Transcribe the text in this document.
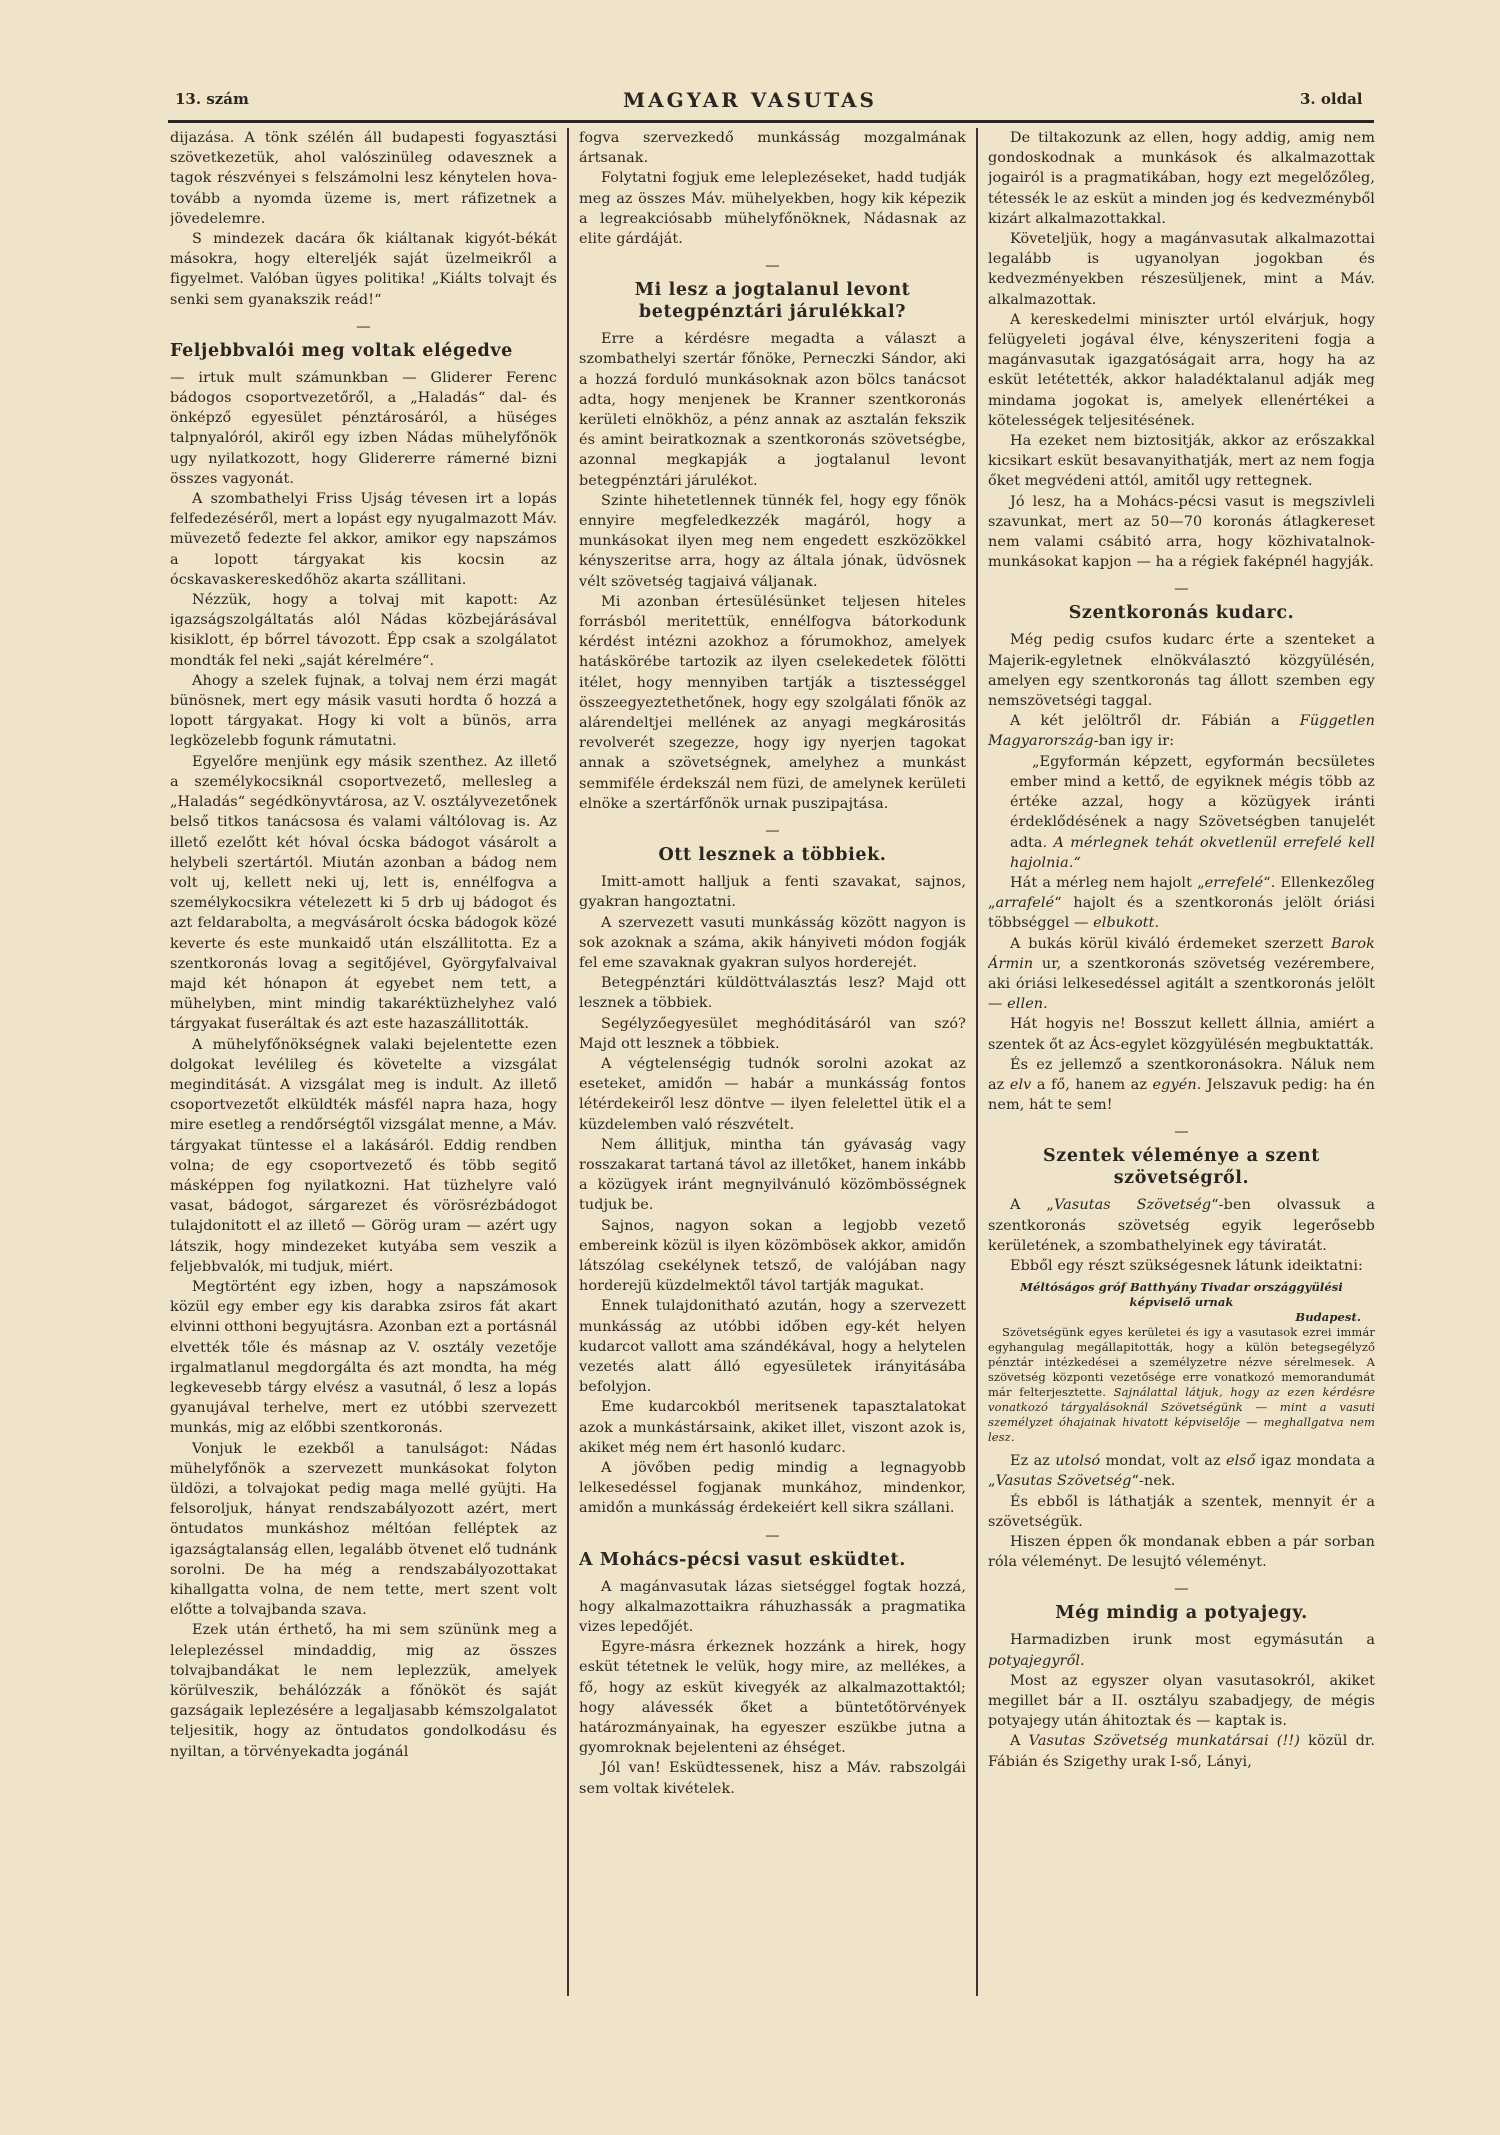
13. szám	MAGYAR VASUTAS	3. oldal

dijazása. A tönk szélén áll budapesti fogyasztási szövetkezetük, ahol valószinüleg odavesznek a tagok részvényei s felszámolni lesz kénytelen hova-tovább a nyomda üzeme is, mert ráfizetnek a jövedelemre.

S mindezek dacára ők kiáltanak kigyót-békát másokra, hogy eltereljék saját üzelmeikről a figyelmet. Valóban ügyes politika! „Kiálts tolvajt és senki sem gyanakszik reád!“

—
Feljebbvalói meg voltak elégedve

— irtuk mult számunkban — Gliderer Ferenc bádogos csoportvezetőről, a „Haladás“ dal- és önképző egyesület pénztárosáról, a hüséges talpnyalóról, akiről egy izben Nádas mühelyfőnök ugy nyilatkozott, hogy Glidererre rámerné bizni összes vagyonát.

A szombathelyi Friss Ujság tévesen irt a lopás felfedezéséről, mert a lopást egy nyugalmazott Máv. müvezető fedezte fel akkor, amikor egy napszámos a lopott tárgyakat kis kocsin az ócskavaskereskedőhöz akarta szállitani.

Nézzük, hogy a tolvaj mit kapott: Az igazságszolgáltatás alól Nádas közbejárásával kisiklott, ép bőrrel távozott. Épp csak a szolgálatot mondták fel neki „saját kérelmére“.

Ahogy a szelek fujnak, a tolvaj nem érzi magát bünösnek, mert egy másik vasuti hordta ő hozzá a lopott tárgyakat. Hogy ki volt a bünös, arra legközelebb fogunk rámutatni.

Egyelőre menjünk egy másik szenthez. Az illető a személykocsiknál csoportvezető, mellesleg a „Haladás“ segédkönyvtárosa, az V. osztályvezetőnek belső titkos tanácsosa és valami váltólovag is. Az illető ezelőtt két hóval ócska bádogot vásárolt a helybeli szertártól. Miután azonban a bádog nem volt uj, kellett neki uj, lett is, ennélfogva a személykocsikra vételezett ki 5 drb uj bádogot és azt feldarabolta, a megvásárolt ócska bádogok közé keverte és este munkaidő után elszállitotta. Ez a szentkoronás lovag a segitőjével, Györgyfalvaival majd két hónapon át egyebet nem tett, a mühelyben, mint mindig takaréktüzhelyhez való tárgyakat fuseráltak és azt este hazaszállitották.

A mühelyfőnökségnek valaki bejelentette ezen dolgokat levélileg és követelte a vizsgálat meginditását. A vizsgálat meg is indult. Az illető csoportvezetőt elküldték másfél napra haza, hogy mire esetleg a rendőrségtől vizsgálat menne, a Máv. tárgyakat tüntesse el a lakásáról. Eddig rendben volna; de egy csoportvezető és több segitő másképpen fog nyilatkozni. Hat tüzhelyre való vasat, bádogot, sárgarezet és vörösrézbádogot tulajdonitott el az illető — Görög uram — azért ugy látszik, hogy mindezeket kutyába sem veszik a feljebbvalók, mi tudjuk, miért.

Megtörtént egy izben, hogy a napszámosok közül egy ember egy kis darabka zsiros fát akart elvinni otthoni begyujtásra. Azonban ezt a portásnál elvették tőle és másnap az V. osztály vezetője irgalmatlanul megdorgálta és azt mondta, ha még legkevesebb tárgy elvész a vasutnál, ő lesz a lopás gyanujával terhelve, mert ez utóbbi szervezett munkás, mig az előbbi szentkoronás.

Vonjuk le ezekből a tanulságot: Nádas mühelyfőnök a szervezett munkásokat folyton üldözi, a tolvajokat pedig maga mellé gyüjti. Ha felsoroljuk, hányat rendszabályozott azért, mert öntudatos munkáshoz méltóan felléptek az igazságtalanság ellen, legalább ötvenet elő tudnánk sorolni. De ha még a rendszabályozottakat kihallgatta volna, de nem tette, mert szent volt előtte a tolvajbanda szava.

Ezek után érthető, ha mi sem szününk meg a leleplezéssel mindaddig, mig az összes tolvajbandákat le nem leplezzük, amelyek körülveszik, behálózzák a főnököt és saját gazságaik leplezésére a legaljasabb kémszolgalatot teljesitik, hogy az öntudatos gondolkodásu és nyiltan, a törvényekadta jogánál

fogva szervezkedő munkásság mozgalmának ártsanak.

Folytatni fogjuk eme leleplezéseket, hadd tudják meg az összes Máv. mühelyekben, hogy kik képezik a legreakciósabb mühelyfőnöknek, Nádasnak az elite gárdáját.

—
Mi lesz a jogtalanul levont betegpénztári járulékkal?

Erre a kérdésre megadta a választ a szombathelyi szertár főnöke, Perneczki Sándor, aki a hozzá forduló munkásoknak azon bölcs tanácsot adta, hogy menjenek be Kranner szentkoronás kerületi elnökhöz, a pénz annak az asztalán fekszik és amint beiratkoznak a szentkoronás szövetségbe, azonnal megkapják a jogtalanul levont betegpénztári járulékot.

Szinte hihetetlennek tünnék fel, hogy egy főnök ennyire megfeledkezzék magáról, hogy a munkásokat ilyen meg nem engedett eszközökkel kényszeritse arra, hogy az általa jónak, üdvösnek vélt szövetség tagjaivá váljanak.

Mi azonban értesülésünket teljesen hiteles forrásból meritettük, ennélfogva bátorkodunk kérdést intézni azokhoz a fórumokhoz, amelyek hatáskörébe tartozik az ilyen cselekedetek fölötti itélet, hogy mennyiben tartják a tisztességgel összeegyeztethetőnek, hogy egy szolgálati főnök az alárendeltjei mellének az anyagi megkárositás revolverét szegezze, hogy igy nyerjen tagokat annak a szövetségnek, amelyhez a munkást semmiféle érdekszál nem füzi, de amelynek kerületi elnöke a szertárfőnök urnak puszipajtása.

—
Ott lesznek a többiek.

Imitt-amott halljuk a fenti szavakat, sajnos, gyakran hangoztatni.

A szervezett vasuti munkásság között nagyon is sok azoknak a száma, akik hányiveti módon fogják fel eme szavaknak gyakran sulyos horderejét.

Betegpénztári küldöttválasztás lesz? Majd ott lesznek a többiek.

Segélyzőegyesület meghóditásáról van szó? Majd ott lesznek a többiek.

A végtelenségig tudnók sorolni azokat az eseteket, amidőn — habár a munkásság fontos létérdekeiről lesz döntve — ilyen felelettel ütik el a küzdelemben való részvételt.

Nem állitjuk, mintha tán gyávaság vagy rosszakarat tartaná távol az illetőket, hanem inkább a közügyek iránt megnyilvánuló közömbösségnek tudjuk be.

Sajnos, nagyon sokan a legjobb vezető embereink közül is ilyen közömbösek akkor, amidőn látszólag csekélynek tetsző, de valójában nagy horderejü küzdelmektől távol tartják magukat.

Ennek tulajdonitható azután, hogy a szervezett munkásság az utóbbi időben egy-két helyen kudarcot vallott ama szándékával, hogy a helytelen vezetés alatt álló egyesületek irányitásába befolyjon.

Eme kudarcokból meritsenek tapasztalatokat azok a munkástársaink, akiket illet, viszont azok is, akiket még nem ért hasonló kudarc.

A jövőben pedig mindig a legnagyobb lelkesedéssel fogjanak munkához, mindenkor, amidőn a munkásság érdekeiért kell sikra szállani.

—
A Mohács-pécsi vasut esküdtet.

A magánvasutak lázas sietséggel fogtak hozzá, hogy alkalmazottaikra ráhuzhassák a pragmatika vizes lepedőjét.

Egyre-másra érkeznek hozzánk a hirek, hogy esküt tétetnek le velük, hogy mire, az mellékes, a fő, hogy az esküt kivegyék az alkalmazottaktól; hogy alávessék őket a büntetőtörvények határozmányainak, ha egyeszer eszükbe jutna a gyomroknak bejelenteni az éhséget.

Jól van! Esküdtessenek, hisz a Máv. rabszolgái sem voltak kivételek.

De tiltakozunk az ellen, hogy addig, amig nem gondoskodnak a munkások és alkalmazottak jogairól is a pragmatikában, hogy ezt megelőzőleg, tétessék le az esküt a minden jog és kedvezményből kizárt alkalmazottakkal.

Követeljük, hogy a magánvasutak alkalmazottai legalább is ugyanolyan jogokban és kedvezményekben részesüljenek, mint a Máv. alkalmazottak.

A kereskedelmi miniszter urtól elvárjuk, hogy felügyeleti jogával élve, kényszeriteni fogja a magánvasutak igazgatóságait arra, hogy ha az esküt letétették, akkor haladéktalanul adják meg mindama jogokat is, amelyek ellenértékei a kötelességek teljesitésének.

Ha ezeket nem biztositják, akkor az erőszakkal kicsikart esküt besavanyithatják, mert az nem fogja őket megvédeni attól, amitől ugy rettegnek.

Jó lesz, ha a Mohács-pécsi vasut is megszivleli szavunkat, mert az 50—70 koronás átlagkereset nem valami csábitó arra, hogy közhivatalnok-munkásokat kapjon — ha a régiek faképnél hagyják.

—
Szentkoronás kudarc.

Még pedig csufos kudarc érte a szenteket a Majerik-egyletnek elnökválasztó közgyülésén, amelyen egy szentkoronás tag állott szemben egy nemszövetségi taggal.

A két jelöltről dr. Fábián a Független Magyarország-ban igy ir:

„Egyformán képzett, egyformán becsületes ember mind a kettő, de egyiknek mégis több az értéke azzal, hogy a közügyek iránti érdeklődésének a nagy Szövetségben tanujelét adta. A mérlegnek tehát okvetlenül errefelé kell hajolnia.“

Hát a mérleg nem hajolt „errefelé“. Ellenkezőleg „arrafelé“ hajolt és a szentkoronás jelölt óriási többséggel — elbukott.

A bukás körül kiváló érdemeket szerzett Barok Ármin ur, a szentkoronás szövetség vezérembere, aki óriási lelkesedéssel agitált a szentkoronás jelölt — ellen.

Hát hogyis ne! Bosszut kellett állnia, amiért a szentek őt az Ács-egylet közgyülésén megbuktatták.

És ez jellemző a szentkoronásokra. Náluk nem az elv a fő, hanem az egyén. Jelszavuk pedig: ha én nem, hát te sem!

—
Szentek véleménye a szent szövetségről.

A „Vasutas Szövetség“-ben olvassuk a szentkoronás szövetség egyik legerősebb kerületének, a szombathelyinek egy táviratát.

Ebből egy részt szükségesnek látunk ideiktatni:

Méltóságos gróf Batthyány Tivadar országgyülési képviselő urnak
Budapest.

Szövetségünk egyes kerületei és igy a vasutasok ezrei immár egyhangulag megállapitották, hogy a külön betegsegélyző pénztár intézkedései a személyzetre nézve sérelmesek. A szövetség központi vezetősége erre vonatkozó memorandumát már felterjesztette. Sajnálattal látjuk, hogy az ezen kérdésre vonatkozó tárgyalásoknál Szövetségünk — mint a vasuti személyzet óhajainak hivatott képviselője — meghallgatva nem lesz.

Ez az utolsó mondat, volt az első igaz mondata a „Vasutas Szövetség“-nek.

És ebből is láthatják a szentek, mennyit ér a szövetségük.

Hiszen éppen ők mondanak ebben a pár sorban róla véleményt. De lesujtó véleményt.

—
Még mindig a potyajegy.

Harmadizben irunk most egymásután a potyajegyről.

Most az egyszer olyan vasutasokról, akiket megillet bár a II. osztályu szabadjegy, de mégis potyajegy után áhitoztak és — kaptak is.

A Vasutas Szövetség munkatársai (!!) közül dr. Fábián és Szigethy urak I-ső, Lányi,
